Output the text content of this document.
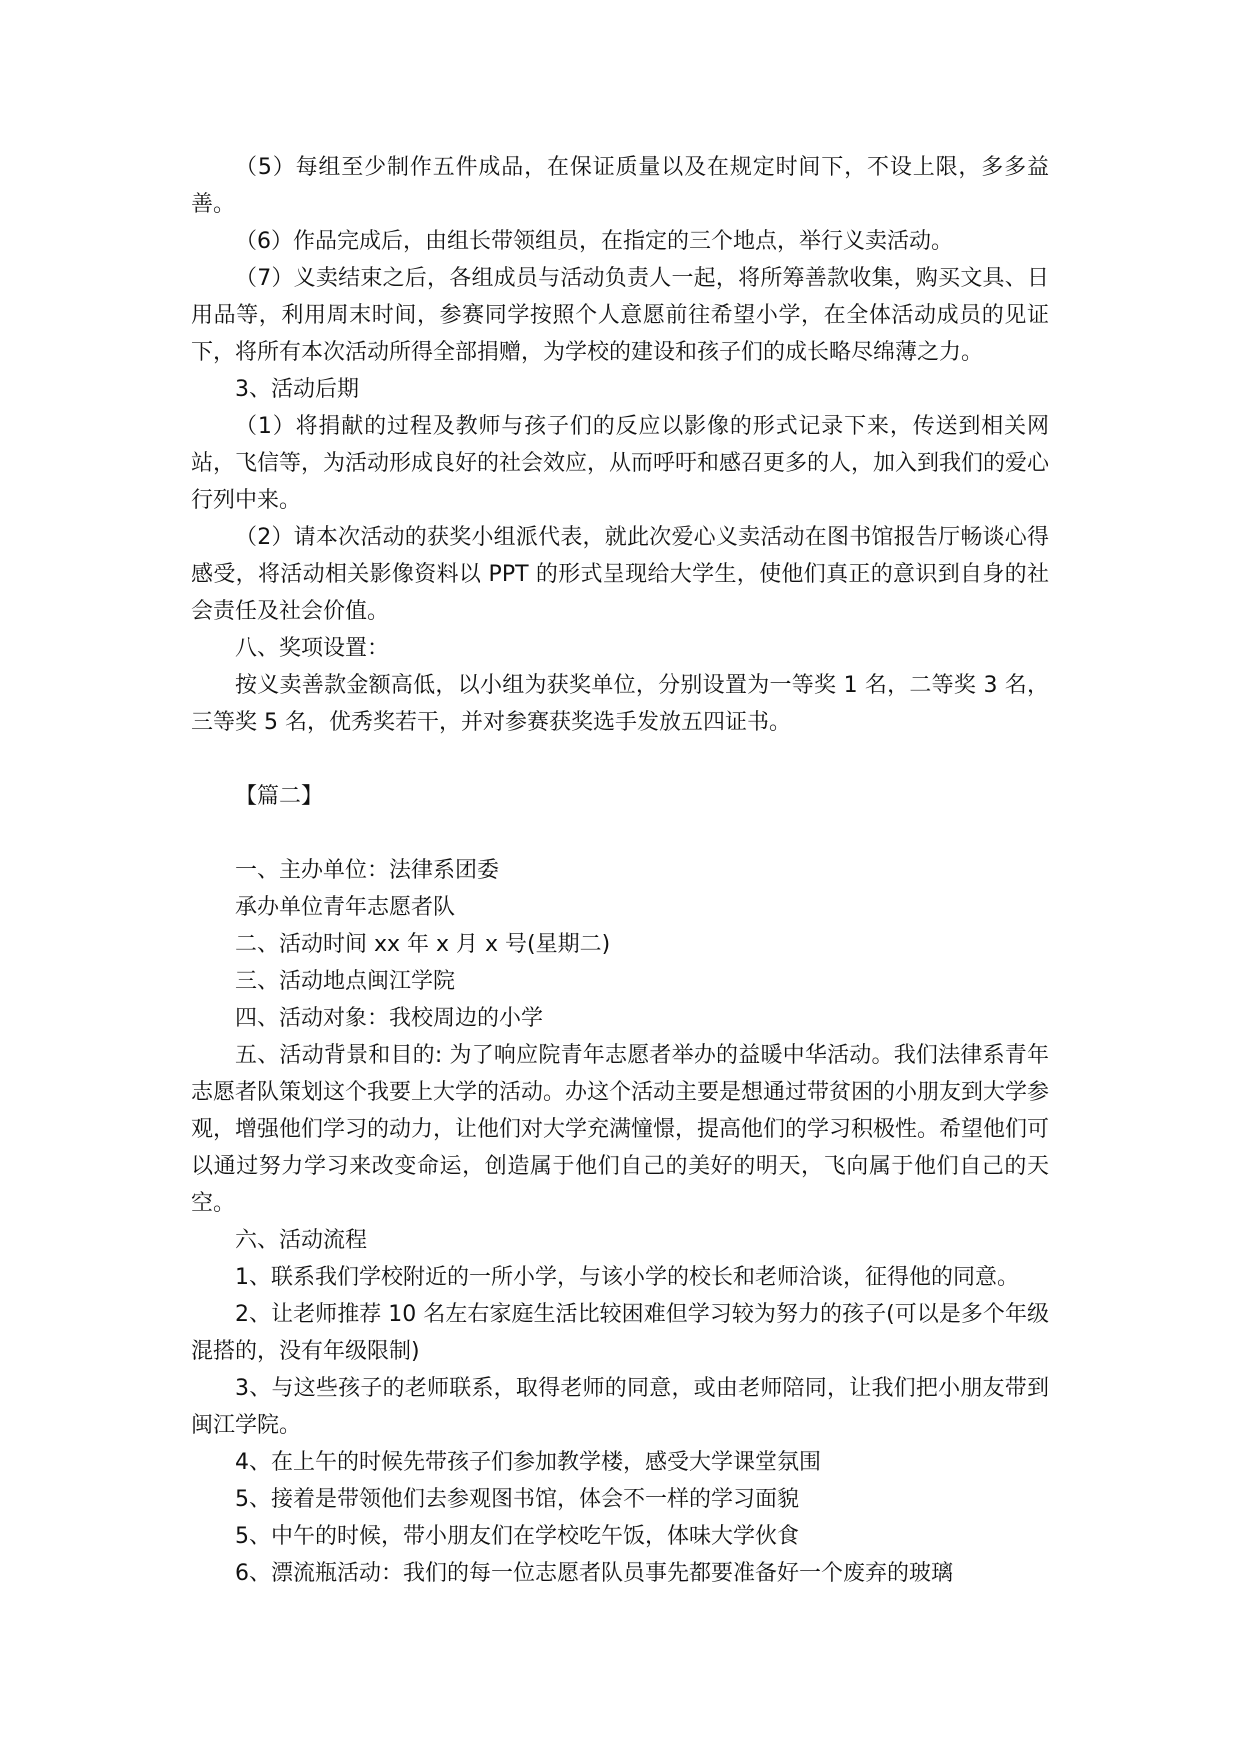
（5）每组至少制作五件成品，在保证质量以及在规定时间下，不设上限，多多益善。

（6）作品完成后，由组长带领组员，在指定的三个地点，举行义卖活动。

（7）义卖结束之后，各组成员与活动负责人一起，将所筹善款收集，购买文具、日用品等，利用周末时间，参赛同学按照个人意愿前往希望小学，在全体活动成员的见证下，将所有本次活动所得全部捐赠，为学校的建设和孩子们的成长略尽绵薄之力。

3、活动后期

（1）将捐献的过程及教师与孩子们的反应以影像的形式记录下来，传送到相关网站，飞信等，为活动形成良好的社会效应，从而呼吁和感召更多的人，加入到我们的爱心行列中来。

（2）请本次活动的获奖小组派代表，就此次爱心义卖活动在图书馆报告厅畅谈心得感受，将活动相关影像资料以 PPT 的形式呈现给大学生，使他们真正的意识到自身的社会责任及社会价值。

八、奖项设置：

按义卖善款金额高低，以小组为获奖单位，分别设置为一等奖 1 名，二等奖 3 名，三等奖 5 名，优秀奖若干，并对参赛获奖选手发放五四证书。

【篇二】

一、主办单位：法律系团委

承办单位青年志愿者队

二、活动时间 xx 年 x 月 x 号(星期二)

三、活动地点闽江学院

四、活动对象：我校周边的小学

五、活动背景和目的: 为了响应院青年志愿者举办的益暖中华活动。我们法律系青年志愿者队策划这个我要上大学的活动。办这个活动主要是想通过带贫困的小朋友到大学参观，增强他们学习的动力，让他们对大学充满憧憬，提高他们的学习积极性。希望他们可以通过努力学习来改变命运，创造属于他们自己的美好的明天，飞向属于他们自己的天空。

六、活动流程

1、联系我们学校附近的一所小学，与该小学的校长和老师洽谈，征得他的同意。

2、让老师推荐 10 名左右家庭生活比较困难但学习较为努力的孩子(可以是多个年级混搭的，没有年级限制)

3、与这些孩子的老师联系，取得老师的同意，或由老师陪同，让我们把小朋友带到闽江学院。

4、在上午的时候先带孩子们参加教学楼，感受大学课堂氛围

5、接着是带领他们去参观图书馆，体会不一样的学习面貌

5、中午的时候，带小朋友们在学校吃午饭，体味大学伙食

6、漂流瓶活动：我们的每一位志愿者队员事先都要准备好一个废弃的玻璃
